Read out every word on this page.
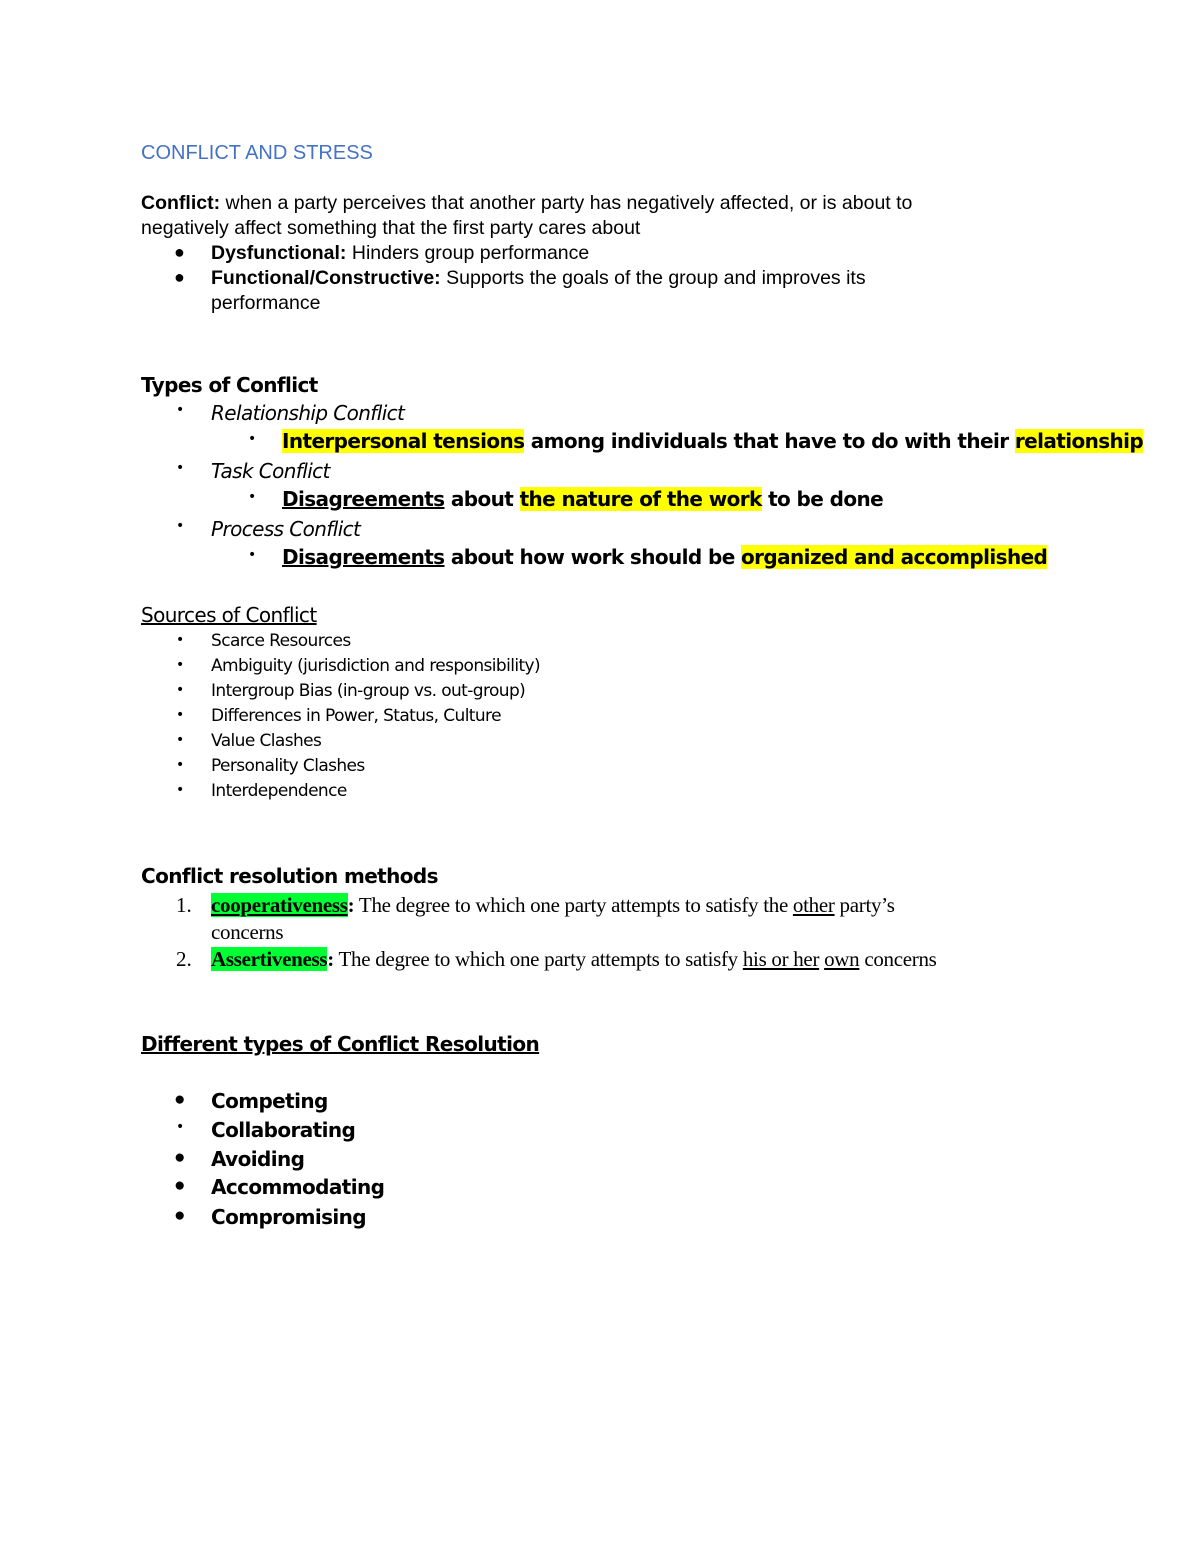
CONFLICT AND STRESS
Conflict: when a party perceives that another party has negatively affected, or is about to
negatively affect something that the first party cares about
● Dysfunctional: Hinders group performance
● Functional/Constructive: Supports the goals of the group and improves its
performance
Types of Conflict
• Relationship Conflict
• Interpersonal tensions among individuals that have to do with their relationship
• Task Conflict
• Disagreements about the nature of the work to be done
• Process Conflict
• Disagreements about how work should be organized and accomplished
Sources of Conflict
• Scarce Resources
• Ambiguity (jurisdiction and responsibility)
• Intergroup Bias (in-group vs. out-group)
• Differences in Power, Status, Culture
• Value Clashes
• Personality Clashes
• Interdependence
Conflict resolution methods
1. cooperativeness: The degree to which one party attempts to satisfy the other party’s
concerns
2. Assertiveness: The degree to which one party attempts to satisfy his or her own concerns
Different types of Conflict Resolution
● Competing
• Collaborating
● Avoiding
● Accommodating
● Compromising
